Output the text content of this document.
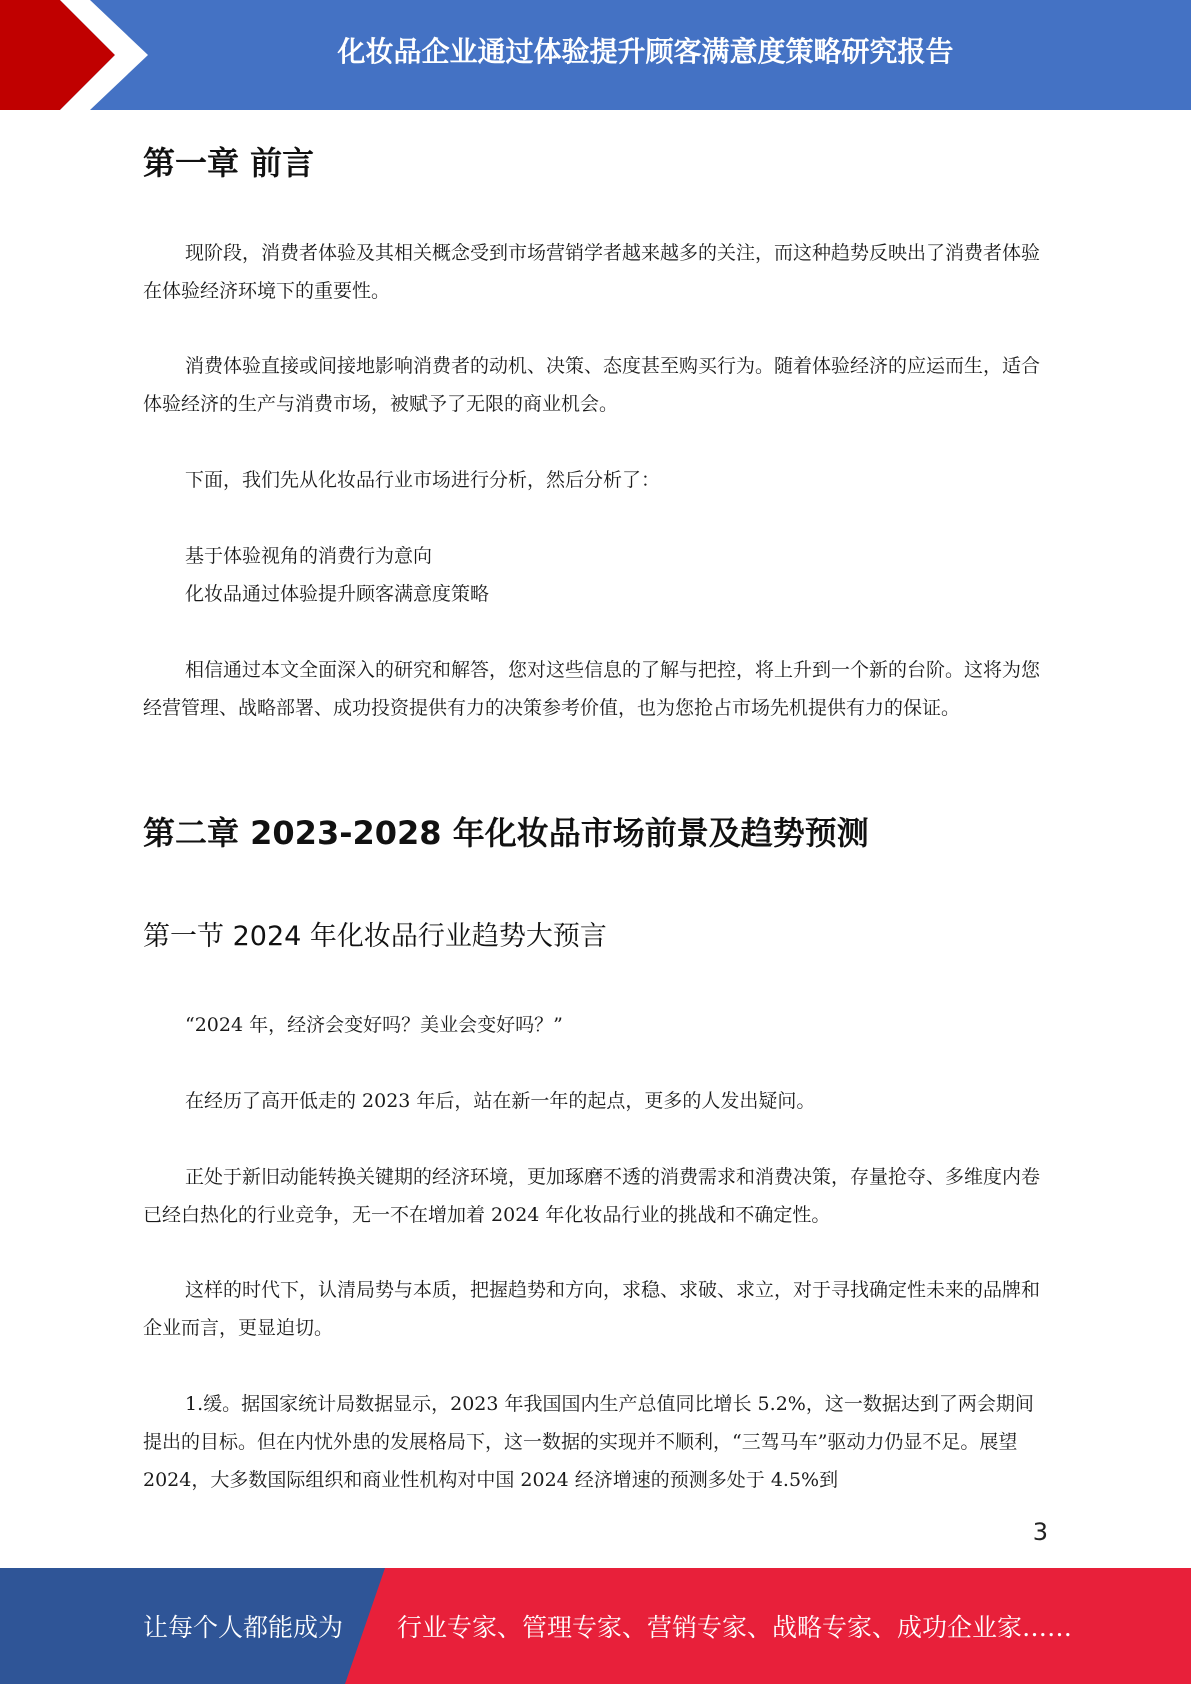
化妆品企业通过体验提升顾客满意度策略研究报告
第一章 前言

现阶段，消费者体验及其相关概念受到市场营销学者越来越多的关注，而这种趋势反映出了消费者体验在体验经济环境下的重要性。

消费体验直接或间接地影响消费者的动机、决策、态度甚至购买行为。随着体验经济的应运而生，适合体验经济的生产与消费市场，被赋予了无限的商业机会。

下面，我们先从化妆品行业市场进行分析，然后分析了：

基于体验视角的消费行为意向

化妆品通过体验提升顾客满意度策略

相信通过本文全面深入的研究和解答，您对这些信息的了解与把控，将上升到一个新的台阶。这将为您经营管理、战略部署、成功投资提供有力的决策参考价值，也为您抢占市场先机提供有力的保证。

第二章 2023-2028 年化妆品市场前景及趋势预测
第一节 2024 年化妆品行业趋势大预言

“2024 年，经济会变好吗？美业会变好吗？”

在经历了高开低走的 2023 年后，站在新一年的起点，更多的人发出疑问。

正处于新旧动能转换关键期的经济环境，更加琢磨不透的消费需求和消费决策，存量抢夺、多维度内卷已经白热化的行业竞争，无一不在增加着 2024 年化妆品行业的挑战和不确定性。

这样的时代下，认清局势与本质，把握趋势和方向，求稳、求破、求立，对于寻找确定性未来的品牌和企业而言，更显迫切。

1.缓。据国家统计局数据显示，2023 年我国国内生产总值同比增长 5.2%，这一数据达到了两会期间提出的目标。但在内忧外患的发展格局下，这一数据的实现并不顺利，“三驾马车”驱动力仍显不足。展望 2024，大多数国际组织和商业性机构对中国 2024 经济增速的预测多处于 4.5%到

3
让每个人都能成为 行业专家、管理专家、营销专家、战略专家、成功企业家……
